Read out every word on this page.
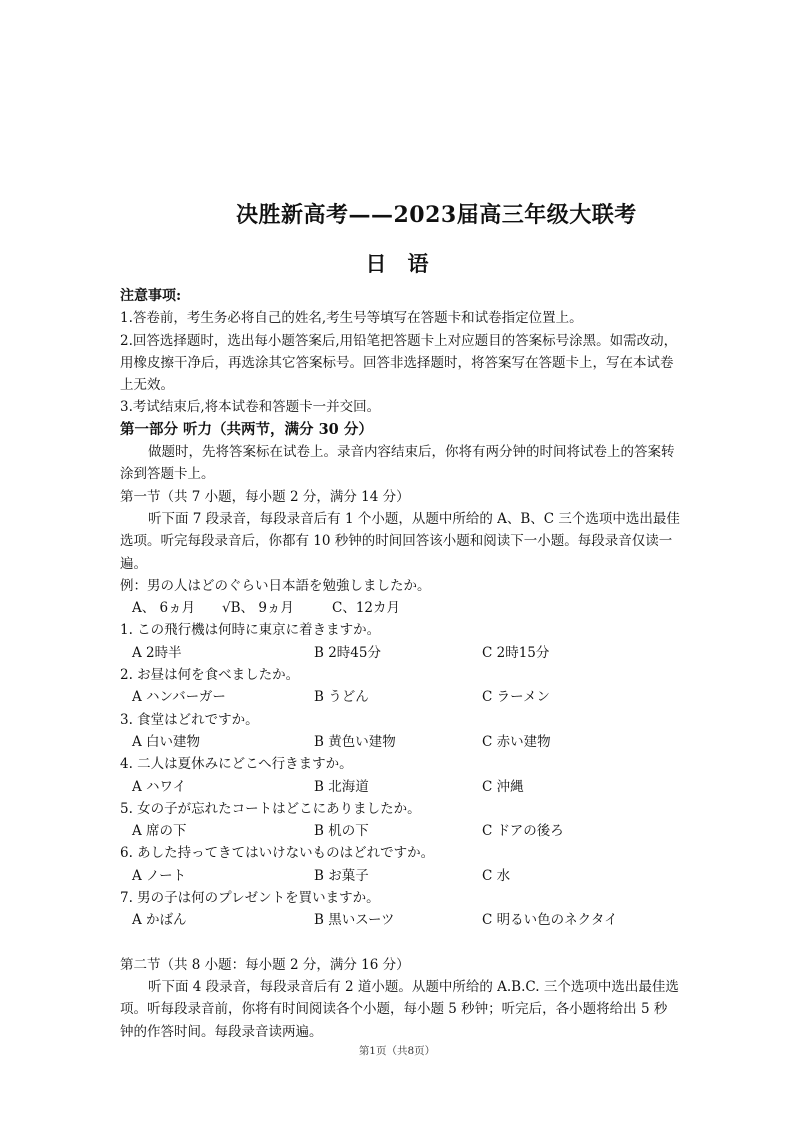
决胜新高考——2023届高三年级大联考
日　语

注意事项:

1.答卷前，考生务必将自己的姓名,考生号等填写在答题卡和试卷指定位置上。

2.回答选择题时，选出每小题答案后,用铅笔把答题卡上对应题目的答案标号涂黑。如需改动，用橡皮擦干净后，再选涂其它答案标号。回答非选择题时，将答案写在答题卡上，写在本试卷上无效。

3.考试结束后,将本试卷和答题卡一并交回。

第一部分 听力（共两节，满分 30 分）

做题时，先将答案标在试卷上。录音内容结束后，你将有两分钟的时间将试卷上的答案转涂到答题卡上。

第一节（共 7 小题，每小题 2 分，满分 14 分）

听下面 7 段录音，每段录音后有 1 个小题，从题中所给的 A、B、C 三个选项中选出最佳选项。听完每段录音后，你都有 10 秒钟的时间回答该小题和阅读下一小题。每段录音仅读一遍。

例：男の人はどのぐらい日本語を勉強しましたか。

A、 6ヵ月 √B、 9ヵ月	C、12カ月

1. この飛行機は何時に東京に着きますか。

A 2時半	B 2時45分	C 2時15分

2. お昼は何を食べましたか。

A ハンバーガー	B うどん	C ラーメン

3. 食堂はどれですか。

A 白い建物	B 黄色い建物	C 赤い建物

4. 二人は夏休みにどこへ行きますか。

A ハワイ	B 北海道	C 沖縄

5. 女の子が忘れたコートはどこにありましたか。

A 席の下	B 机の下	C ドアの後ろ

6. あした持ってきてはいけないものはどれですか。

A ノート	B お菓子	C 水

7. 男の子は何のプレゼントを買いますか。

A かばん	B 黒いスーツ	C 明るい色のネクタイ

第二节（共 8 小题：每小题 2 分，满分 16 分）

听下面 4 段录音，每段录音后有 2 道小题。从题中所给的 A.B.C. 三个选项中选出最佳选项。听每段录音前，你将有时间阅读各个小题，每小题 5 秒钟；听完后，各小题将给出 5 秒钟的作答时间。每段录音读两遍。

第1页（共8页）
